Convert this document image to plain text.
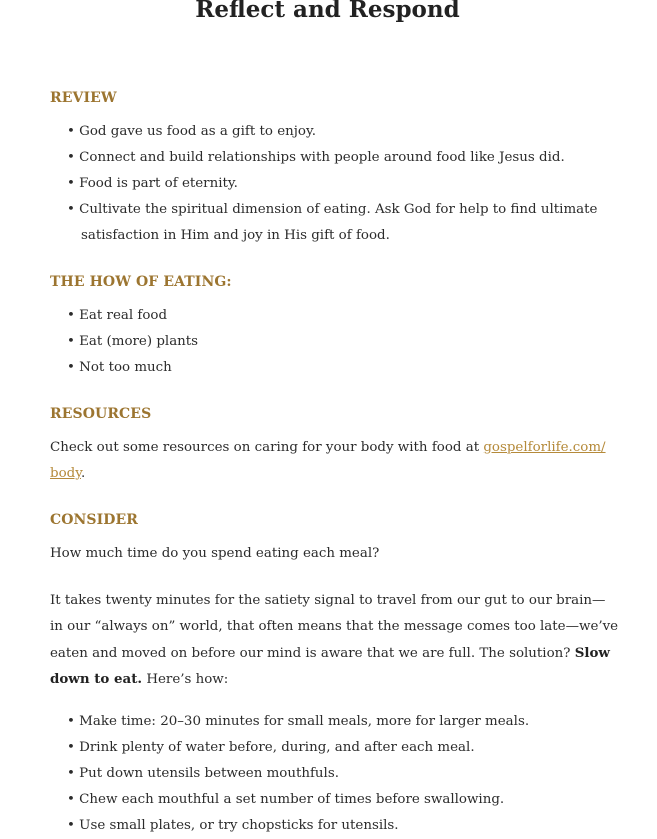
Reflect and Respond
REVIEW
• God gave us food as a gift to enjoy.
• Connect and build relationships with people around food like Jesus did.
• Food is part of eternity.
• Cultivate the spiritual dimension of eating. Ask God for help to find ultimate
satisfaction in Him and joy in His gift of food.
THE HOW OF EATING:
• Eat real food
• Eat (more) plants
• Not too much
RESOURCES
Check out some resources on caring for your body with food at gospelforlife.com/
body.
CONSIDER
How much time do you spend eating each meal?
It takes twenty minutes for the satiety signal to travel from our gut to our brain—
in our “always on” world, that often means that the message comes too late—we’ve
eaten and moved on before our mind is aware that we are full. The solution? Slow
down to eat. Here’s how:
• Make time: 20–30 minutes for small meals, more for larger meals.
• Drink plenty of water before, during, and after each meal.
• Put down utensils between mouthfuls.
• Chew each mouthful a set number of times before swallowing.
• Use small plates, or try chopsticks for utensils.
